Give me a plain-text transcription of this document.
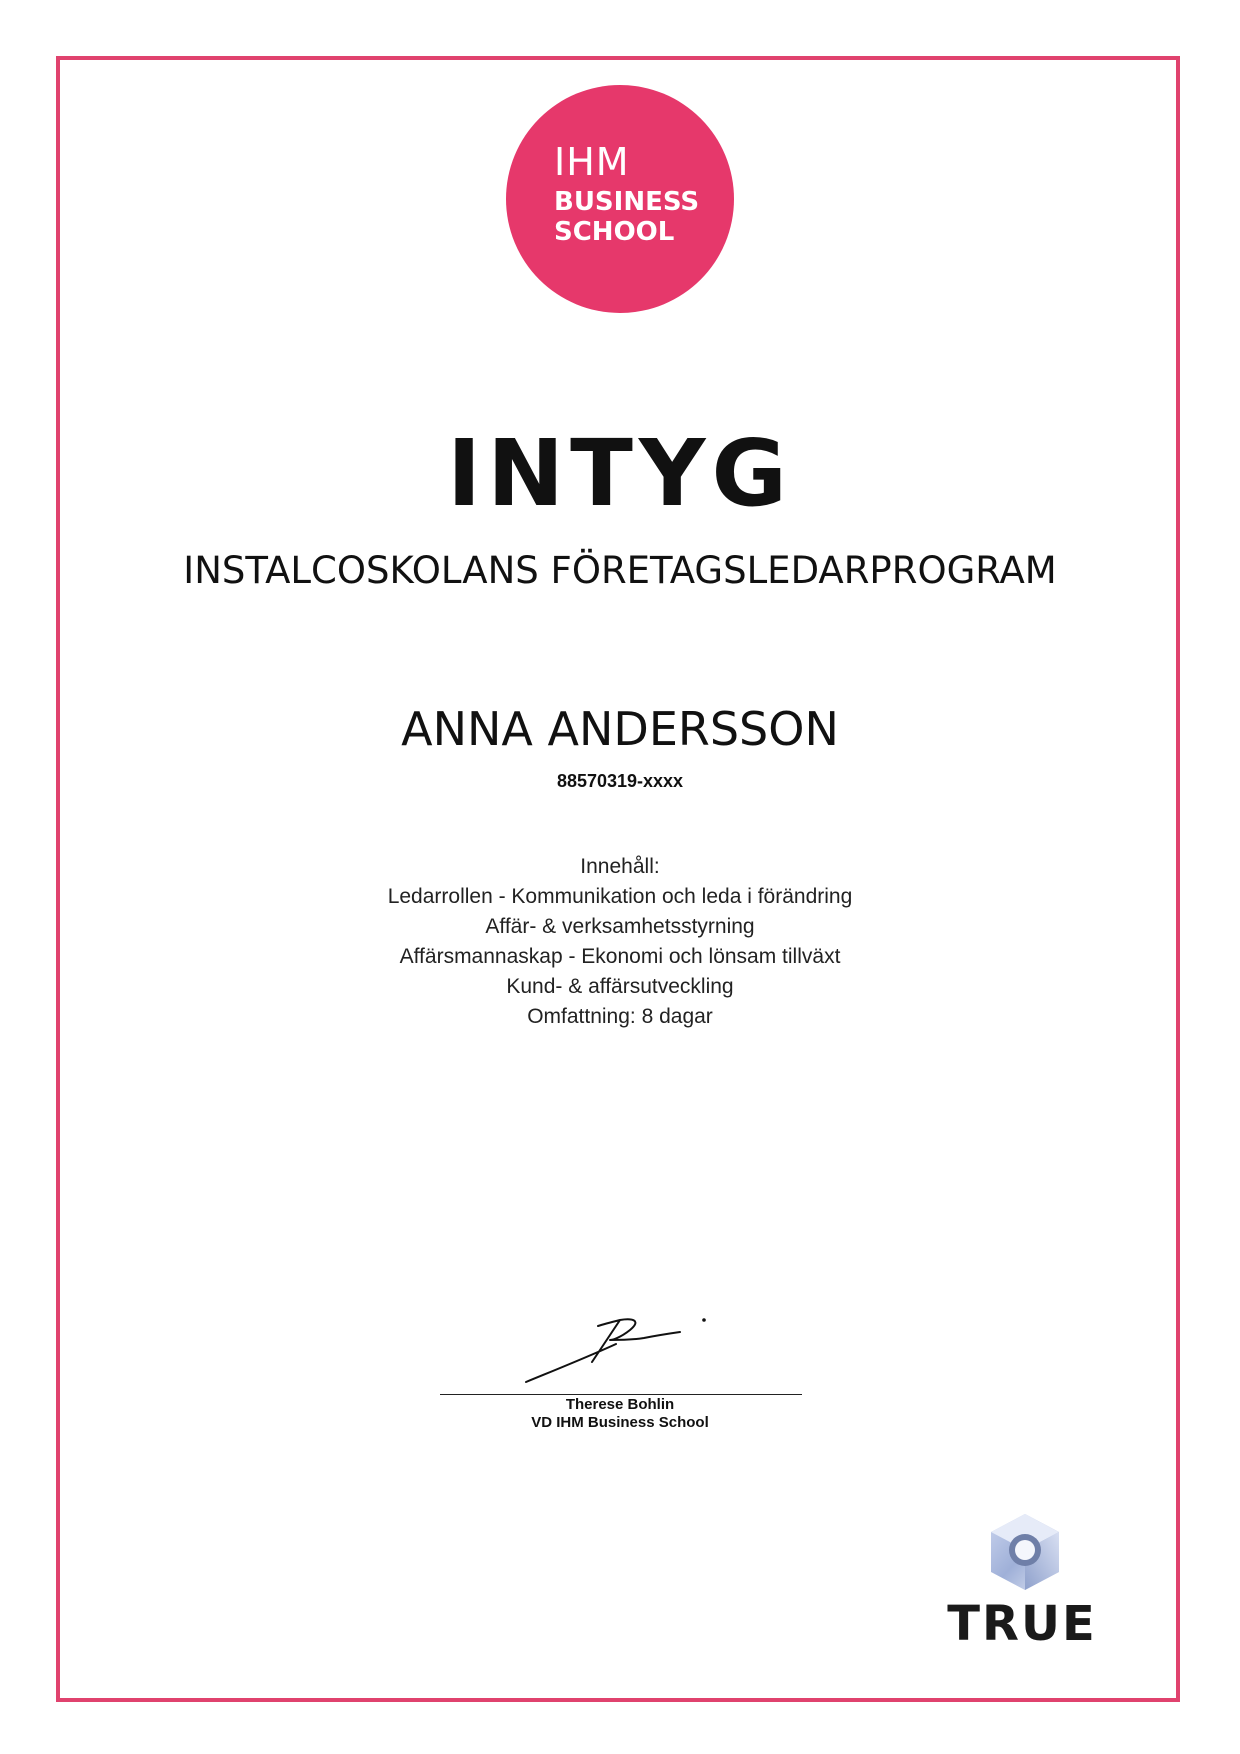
IHM
BUSINESS
SCHOOL
INTYG
INSTALCOSKOLANS FÖRETAGSLEDARPROGRAM
ANNA ANDERSSON
88570319-xxxx
Innehåll:
Ledarrollen - Kommunikation och leda i förändring
Affär- & verksamhetsstyrning
Affärsmannaskap - Ekonomi och lönsam tillväxt
Kund- & affärsutveckling
Omfattning: 8 dagar
Therese Bohlin
VD IHM Business School
TRUE
